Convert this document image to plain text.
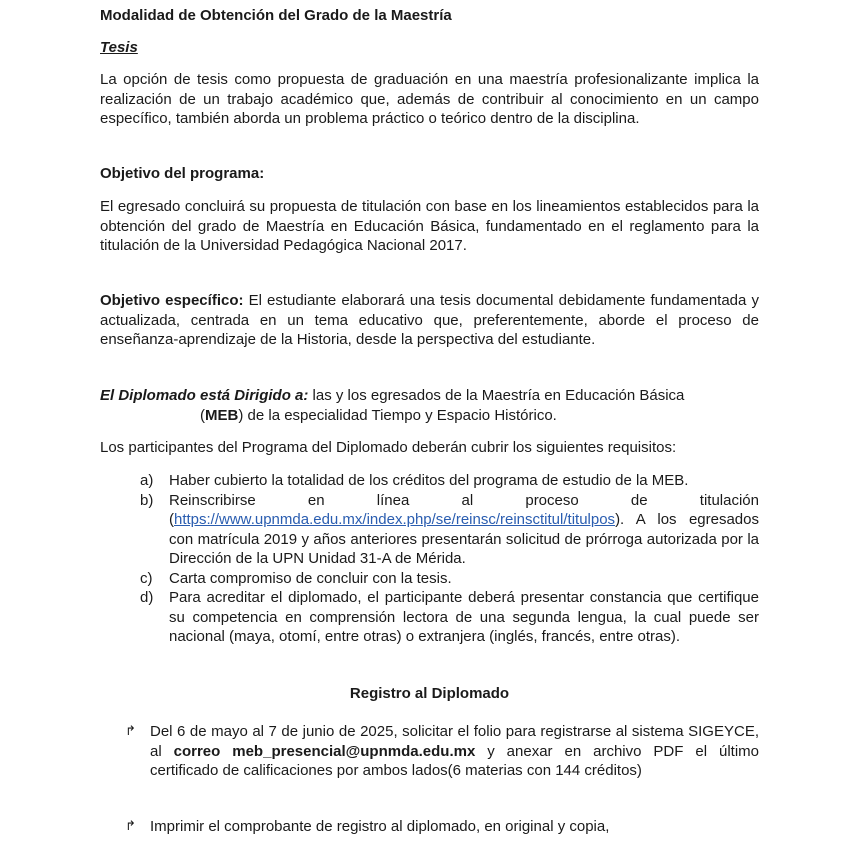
Modalidad de Obtención del Grado de la Maestría

Tesis

La opción de tesis como propuesta de graduación en una maestría profesionalizante implica la realización de un trabajo académico que, además de contribuir al conocimiento en un campo específico, también aborda un problema práctico o teórico dentro de la disciplina.

Objetivo del programa:

El egresado concluirá su propuesta de titulación con base en los lineamientos establecidos para la obtención del grado de Maestría en Educación Básica, fundamentado en el reglamento para la titulación de la Universidad Pedagógica Nacional 2017.

Objetivo específico: El estudiante elaborará una tesis documental debidamente fundamentada y actualizada, centrada en un tema educativo que, preferentemente, aborde el proceso de enseñanza-aprendizaje de la Historia, desde la perspectiva del estudiante.

El Diplomado está Dirigido a: las y los egresados de la Maestría en Educación Básica
(MEB) de la especialidad Tiempo y Espacio Histórico.

Los participantes del Programa del Diplomado deberán cubrir los siguientes requisitos:

a) Haber cubierto la totalidad de los créditos del programa de estudio de la MEB.
b) Reinscribirse en línea al proceso de titulación (https://www.upnmda.edu.mx/index.php/se/reinsc/reinsctitul/titulpos). A los egresados con matrícula 2019 y años anteriores presentarán solicitud de prórroga autorizada por la Dirección de la UPN Unidad 31-A de Mérida.
c) Carta compromiso de concluir con la tesis.
d) Para acreditar el diplomado, el participante deberá presentar constancia que certifique su competencia en comprensión lectora de una segunda lengua, la cual puede ser nacional (maya, otomí, entre otras) o extranjera (inglés, francés, entre otras).

Registro al Diplomado

↱ Del 6 de mayo al 7 de junio de 2025, solicitar el folio para registrarse al sistema SIGEYCE, al correo meb_presencial@upnmda.edu.mx y anexar en archivo PDF el último certificado de calificaciones por ambos lados(6 materias con 144 créditos)
↱ Imprimir el comprobante de registro al diplomado, en original y copia,
